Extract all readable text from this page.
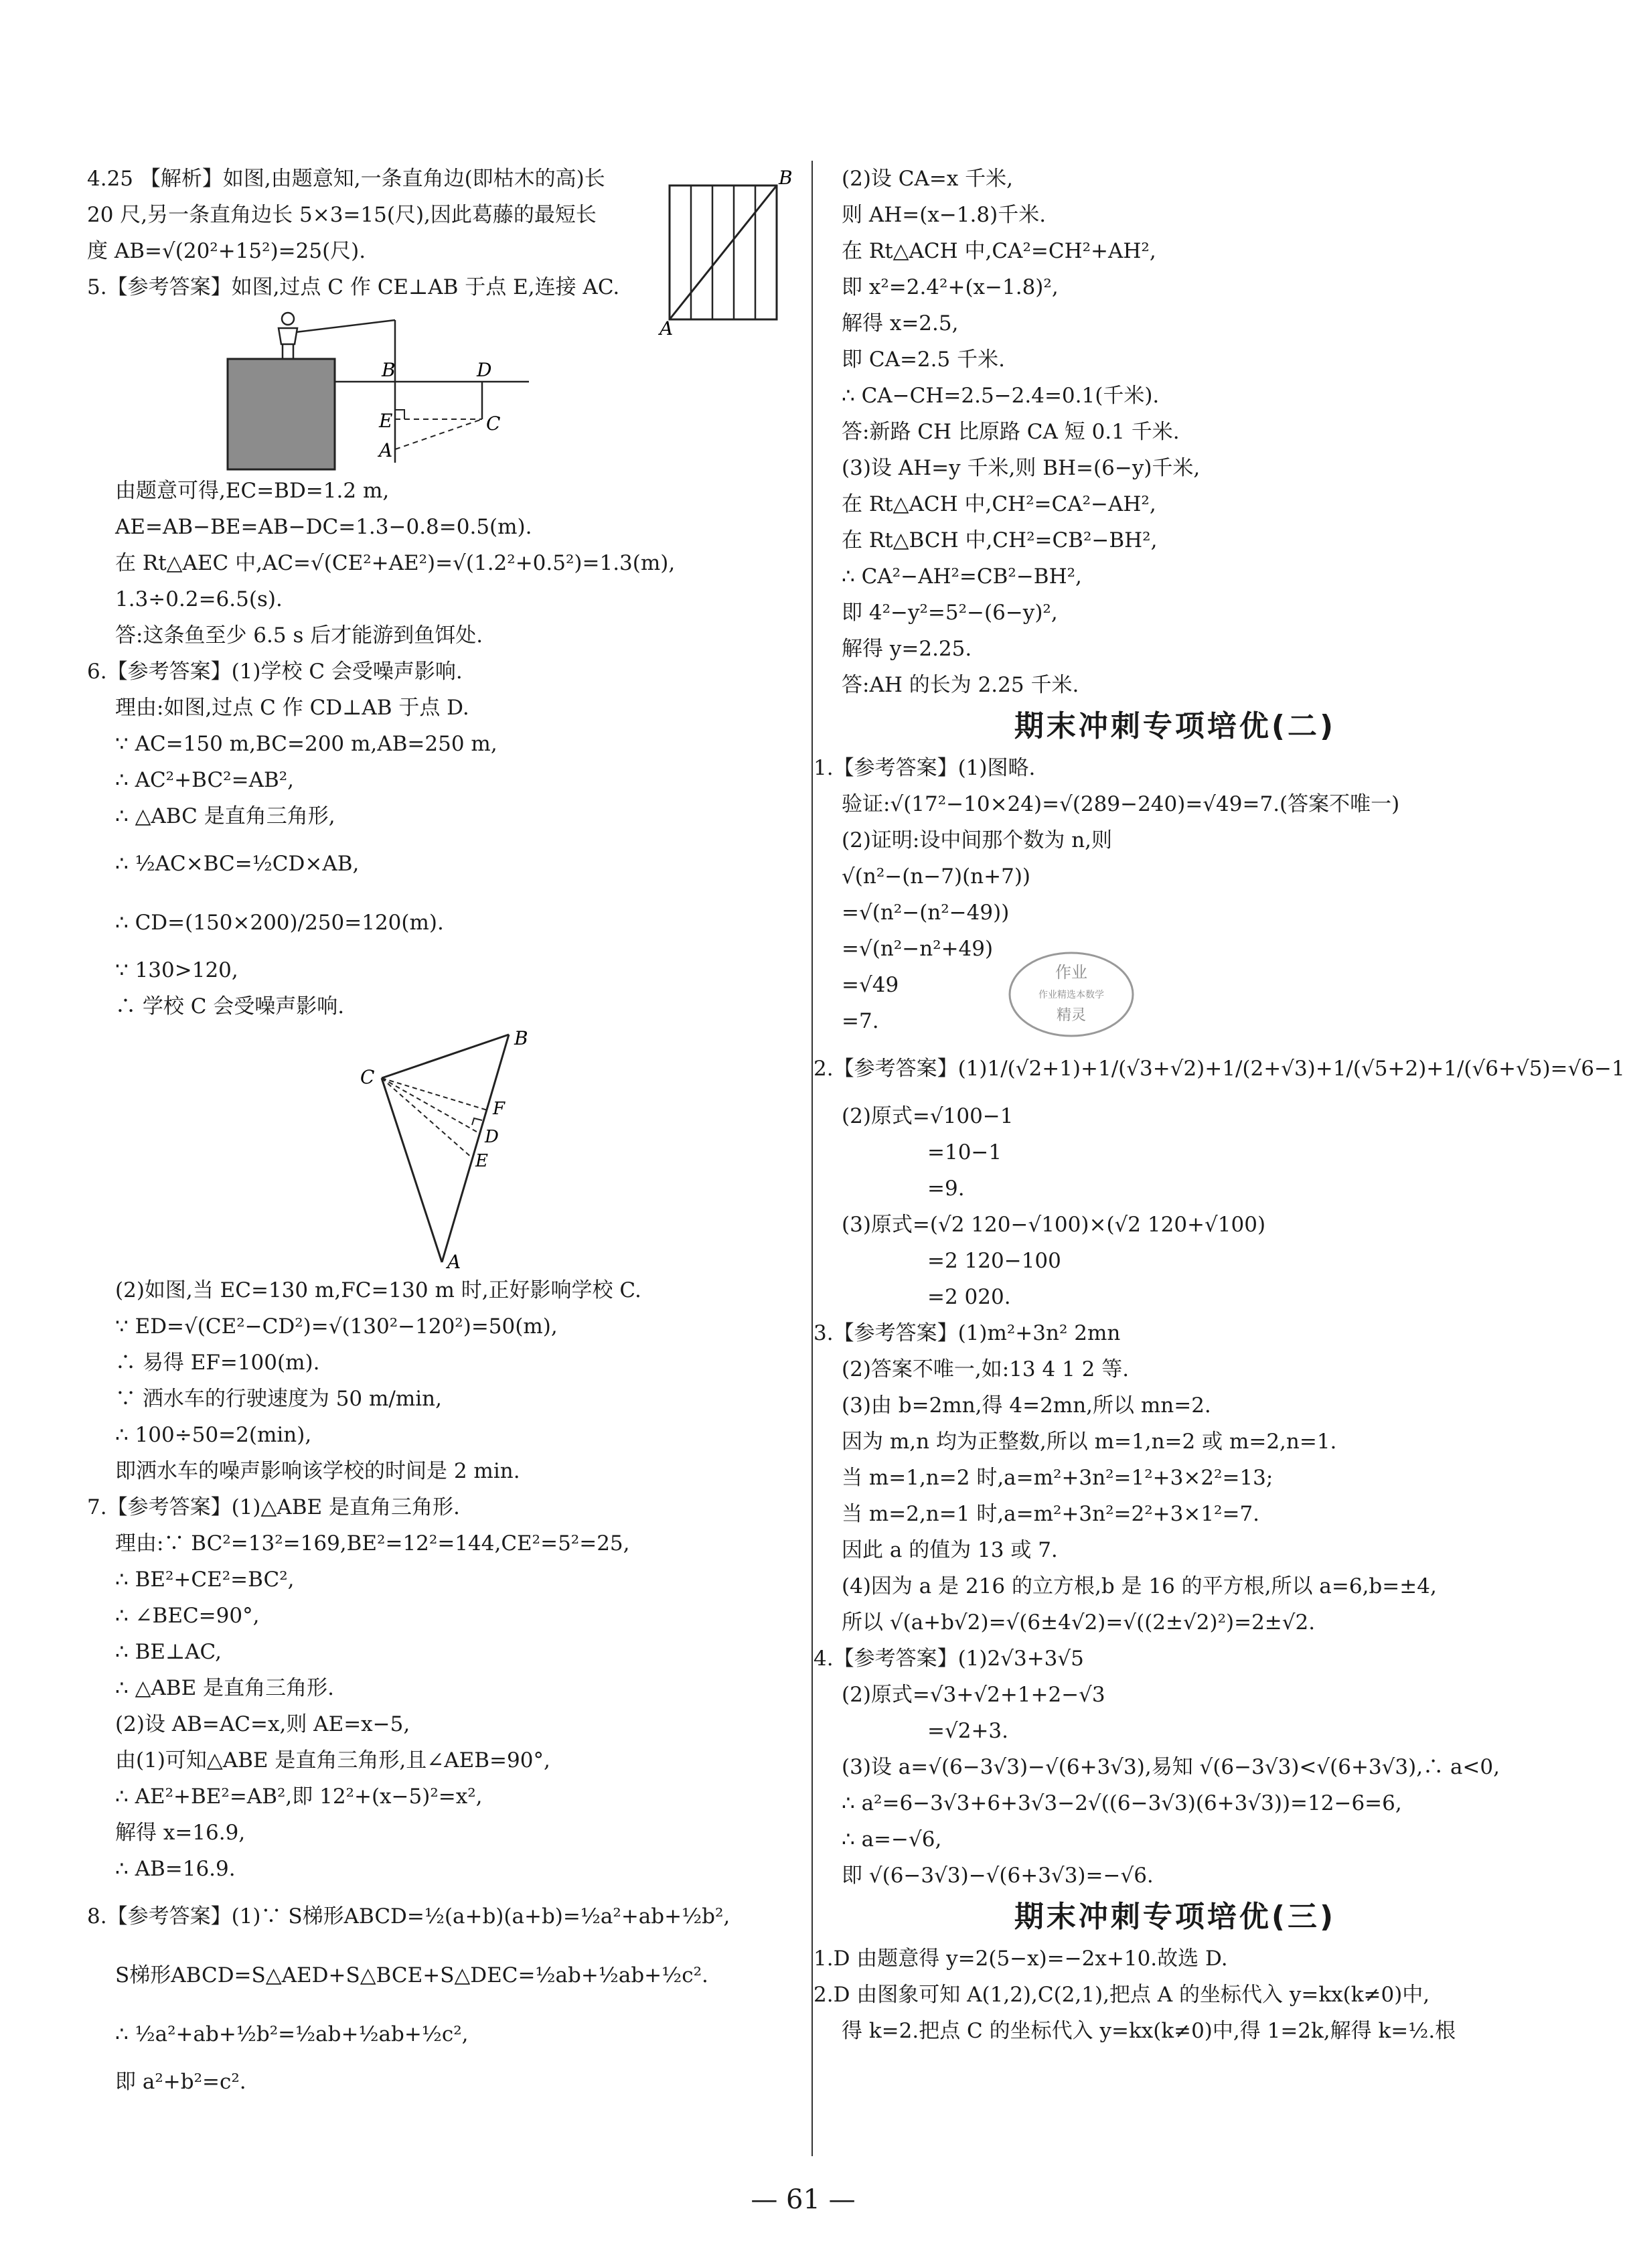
A
B
4.25 【解析】如图,由题意知,一条直角边(即枯木的高)长
20 尺,另一条直角边长 5×3=15(尺),因此葛藤的最短长
度 AB=√(20²+15²)=25(尺).
5.【参考答案】如图,过点 C 作 CE⊥AB 于点 E,连接 AC.
B	D
E
A
C
由题意可得,EC=BD=1.2 m,
AE=AB−BE=AB−DC=1.3−0.8=0.5(m).
在 Rt△AEC 中,AC=√(CE²+AE²)=√(1.2²+0.5²)=1.3(m),
1.3÷0.2=6.5(s).
答:这条鱼至少 6.5 s 后才能游到鱼饵处.
6.【参考答案】(1)学校 C 会受噪声影响.
理由:如图,过点 C 作 CD⊥AB 于点 D.
∵ AC=150 m,BC=200 m,AB=250 m,
∴ AC²+BC²=AB²,
∴ △ABC 是直角三角形,
∴ ½AC×BC=½CD×AB,
∴ CD=(150×200)/250=120(m).
∵ 130>120,
∴ 学校 C 会受噪声影响.
B
C
F
D
E
A
(2)如图,当 EC=130 m,FC=130 m 时,正好影响学校 C.
∵ ED=√(CE²−CD²)=√(130²−120²)=50(m),
∴ 易得 EF=100(m).
∵ 洒水车的行驶速度为 50 m/min,
∴ 100÷50=2(min),
即洒水车的噪声影响该学校的时间是 2 min.
7.【参考答案】(1)△ABE 是直角三角形.
理由:∵ BC²=13²=169,BE²=12²=144,CE²=5²=25,
∴ BE²+CE²=BC²,
∴ ∠BEC=90°,
∴ BE⊥AC,
∴ △ABE 是直角三角形.
(2)设 AB=AC=x,则 AE=x−5,
由(1)可知△ABE 是直角三角形,且∠AEB=90°,
∴ AE²+BE²=AB²,即 12²+(x−5)²=x²,
解得 x=16.9,
∴ AB=16.9.
8.【参考答案】(1)∵ S梯形ABCD=½(a+b)(a+b)=½a²+ab+½b²,
S梯形ABCD=S△AED+S△BCE+S△DEC=½ab+½ab+½c².
∴ ½a²+ab+½b²=½ab+½ab+½c²,
即 a²+b²=c².
(2)设 CA=x 千米,
则 AH=(x−1.8)千米.
在 Rt△ACH 中,CA²=CH²+AH²,
即 x²=2.4²+(x−1.8)²,
解得 x=2.5,
即 CA=2.5 千米.
∴ CA−CH=2.5−2.4=0.1(千米).
答:新路 CH 比原路 CA 短 0.1 千米.
(3)设 AH=y 千米,则 BH=(6−y)千米,
在 Rt△ACH 中,CH²=CA²−AH²,
在 Rt△BCH 中,CH²=CB²−BH²,
∴ CA²−AH²=CB²−BH²,
即 4²−y²=5²−(6−y)²,
解得 y=2.25.
答:AH 的长为 2.25 千米.
期末冲刺专项培优(二)
1.【参考答案】(1)图略.
验证:√(17²−10×24)=√(289−240)=√49=7.(答案不唯一)
(2)证明:设中间那个数为 n,则
√(n²−(n−7)(n+7))
=√(n²−(n²−49))
=√(n²−n²+49)
=√49
=7.
2.【参考答案】(1)1/(√2+1)+1/(√3+√2)+1/(2+√3)+1/(√5+2)+1/(√6+√5)=√6−1
(2)原式=√100−1
=10−1
=9.
(3)原式=(√2 120−√100)×(√2 120+√100)
=2 120−100
=2 020.
3.【参考答案】(1)m²+3n² 2mn
(2)答案不唯一,如:13 4 1 2 等.
(3)由 b=2mn,得 4=2mn,所以 mn=2.
因为 m,n 均为正整数,所以 m=1,n=2 或 m=2,n=1.
当 m=1,n=2 时,a=m²+3n²=1²+3×2²=13;
当 m=2,n=1 时,a=m²+3n²=2²+3×1²=7.
因此 a 的值为 13 或 7.
(4)因为 a 是 216 的立方根,b 是 16 的平方根,所以 a=6,b=±4,
所以 √(a+b√2)=√(6±4√2)=√((2±√2)²)=2±√2.
4.【参考答案】(1)2√3+3√5
(2)原式=√3+√2+1+2−√3
=√2+3.
(3)设 a=√(6−3√3)−√(6+3√3),易知 √(6−3√3)<√(6+3√3),∴ a<0,
∴ a²=6−3√3+6+3√3−2√((6−3√3)(6+3√3))=12−6=6,
∴ a=−√6,
即 √(6−3√3)−√(6+3√3)=−√6.
期末冲刺专项培优(三)
1.D 由题意得 y=2(5−x)=−2x+10.故选 D.
2.D 由图象可知 A(1,2),C(2,1),把点 A 的坐标代入 y=kx(k≠0)中,
得 k=2.把点 C 的坐标代入 y=kx(k≠0)中,得 1=2k,解得 k=½.根
作业
作业精选本数学
精灵
— 61 —
